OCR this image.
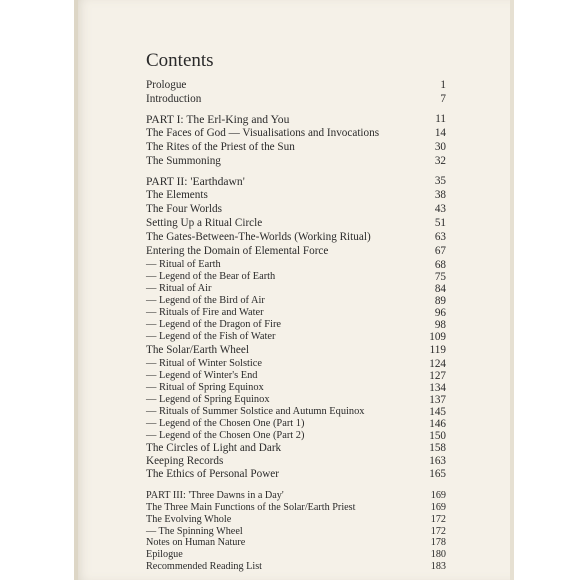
Contents
Prologue	1
Introduction	7
PART I: The Erl-King and You	11
The Faces of God — Visualisations and Invocations	14
The Rites of the Priest of the Sun	30
The Summoning	32
PART II: 'Earthdawn'	35
The Elements	38
The Four Worlds	43
Setting Up a Ritual Circle	51
The Gates-Between-The-Worlds (Working Ritual)	63
Entering the Domain of Elemental Force	67
— Ritual of Earth	68
— Legend of the Bear of Earth	75
— Ritual of Air	84
— Legend of the Bird of Air	89
— Rituals of Fire and Water	96
— Legend of the Dragon of Fire	98
— Legend of the Fish of Water	109
The Solar/Earth Wheel	119
— Ritual of Winter Solstice	124
— Legend of Winter's End	127
— Ritual of Spring Equinox	134
— Legend of Spring Equinox	137
— Rituals of Summer Solstice and Autumn Equinox	145
— Legend of the Chosen One (Part 1)	146
— Legend of the Chosen One (Part 2)	150
The Circles of Light and Dark	158
Keeping Records	163
The Ethics of Personal Power	165
PART III: 'Three Dawns in a Day'	169
The Three Main Functions of the Solar/Earth Priest	169
The Evolving Whole	172
— The Spinning Wheel	172
Notes on Human Nature	178
Epilogue	180
Recommended Reading List	183
